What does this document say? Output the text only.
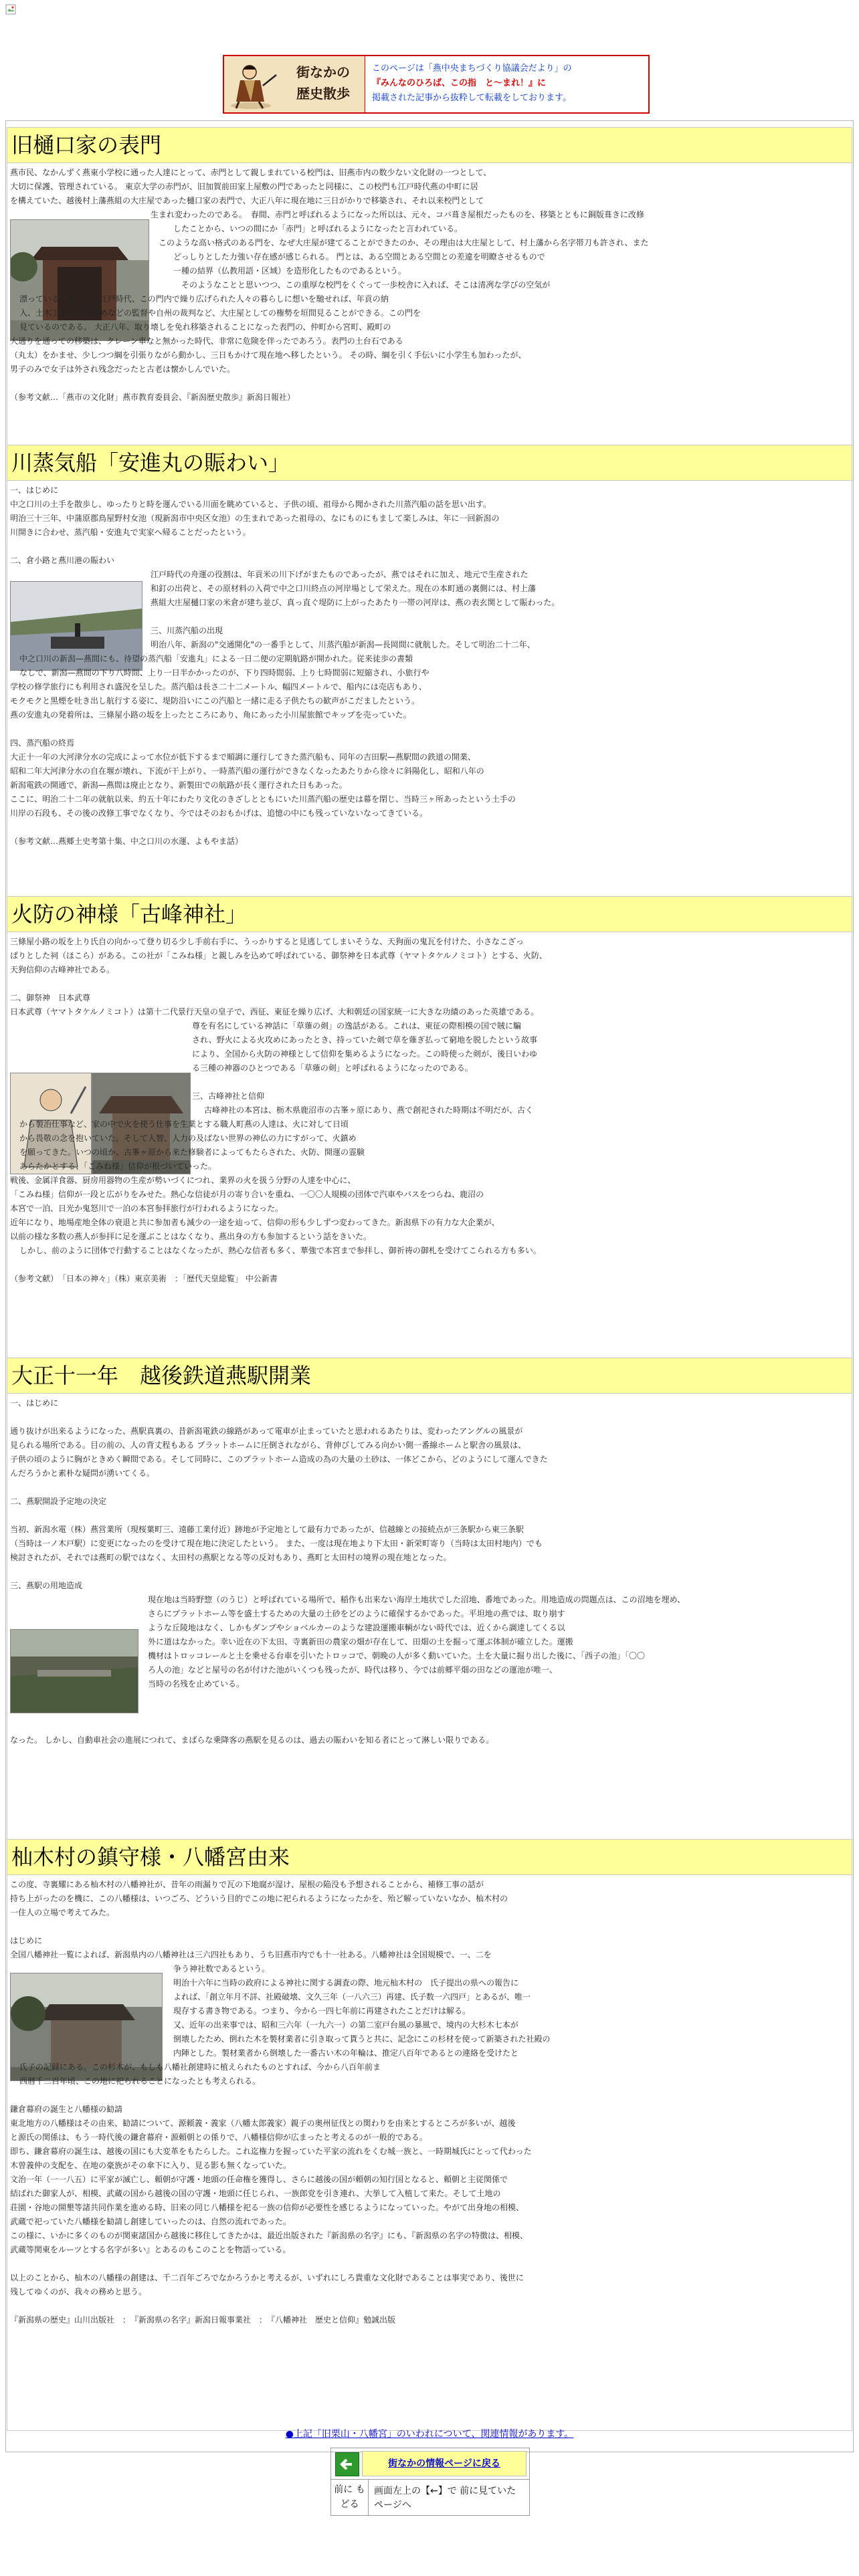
街なかの
歴史散歩
このページは「燕中央まちづくり協議会だより」の
『みんなのひろば、この指　と～まれ！』に
掲載された記事から抜粋して転載をしております。
旧樋口家の表門

燕市民、なかんずく燕東小学校に通った人達にとって、赤門として親しまれている校門は、旧燕市内の数少ない文化財の一つとして、

大切に保護、管理されている。 東京大学の赤門が、旧加賀前田家上屋敷の門であったと同様に、この校門も江戸時代燕の中町に居

を構えていた、越後村上藩燕組の大庄屋であった樋口家の表門で、大正八年に現在地に三日がかりで移築され、それ以来校門として

生まれ変わったのである。　春間、赤門と呼ばれるようになった所以は、元々、コバ葺き屋根だったものを、移築とともに銅版葺きに改修

したことから、いつの間にか「赤門」と呼ばれるようになったと言われている。

　このような高い格式のある門を、なぜ大庄屋が建てることができたのか、その理由は大庄屋として、村上藩から名字帯刀も許され、また

どっしりとした力強い存在感が感じられる。 門とは、ある空間とある空間との差違を明瞭させるもので

一種の結界（仏教用語・区域）を造形化したものであるという。

　そのようなことと思いつつ、この重厚な校門をくぐって一歩校舎に入れば、そこは清冽な学びの空気が

漂っている。翻って、江戸時代、この門内で繰り広げられた人々の暮らしに想いを馳せれば、年貢の納

入、土木工事、宗門改めなどの監督や自州の裁判など、大庄屋としての権勢を垣間見ることができる。この門を

見ているのである。 大正八年、取り壊しを免れ移築されることになった表門の、仲町から宮町、殿町の

大通りを通っての移築は、クレーン車なと無かった時代、非常に危険を伴ったであろう。表門の土台石である

（丸太）をかませ、少しつつ綱を引張りながら動かし、三日もかけて現在地へ移したという。 その時、綱を引く手伝いに小学生も加わったが、

男子のみで女子は外され残念だったと古老は懐かしんでいた。

（参考文献…「燕市の文化財」燕市教育委員会、『新潟歴史散歩』新潟日報社）

川蒸気船「安進丸の賑わい」

一、はじめに

中之口川の土手を散歩し、ゆったりと時を運んでいる川面を眺めていると、子供の頃、祖母から聞かされた川蒸汽船の話を思い出す。

明治三十三年、中蒲原郡鳥屋野村女池（現新潟市中央区女池）の生まれであった祖母の、なにものにもまして楽しみは、年に一回新潟の

川開きに合わせ、蒸汽船・安進丸で実家へ帰ることだったという。

二、倉小路と燕川港の賑わい

江戸時代の舟運の役割は、年貢米の川下げがまたものであったが、燕ではそれに加え、地元で生産された

和釘の出荷と、その原材料の入荷で中之口川終点の河岸場として栄えた。現在の本町通の裏側には、村上藩

燕組大庄屋樋口家の米倉が建ち並び、真っ直ぐ堤防に上がったあたり一帯の河岸は、燕の表玄関として賑わった。

三、川蒸汽船の出現

明治八年、新潟の"交通開化"の一番手として、川蒸汽船が新潟—長岡間に就航した。そして明治二十二年、

中之口川の新潟—燕間にも、待望の蒸汽船「安進丸」による一日二便の定期航路が開かれた。従来徒歩の書類

なしで、新潟—燕間の下り八時間、上り一日半かかったのが、下り四時間弱、上り七時間弱に短縮され、小旅行や

学校の修学旅行にも利用され盛況を呈した。蒸汽船は長さ二十二メートル、幅四メートルで、船内には売店もあり、

モクモクと黒煙を吐き出し航行する姿に、堤防沿いにこの汽船と一緒に走る子供たちの歓声がこだましたという。

燕の安進丸の発着所は、三條屋小路の坂を上ったところにあり、角にあった小川屋旅館でキップを売っていた。

四、蒸汽船の終焉

大正十一年の大河津分水の完成によって水位が低下するまで順調に運行してきた蒸汽船も、同年の吉田駅—燕駅間の鉄道の開業、

昭和二年大河津分水の自在堰が壊れ、下流が干上がり、一時蒸汽船の運行ができなくなったあたりから徐々に斜陽化し、昭和八年の

新潟電鉄の開通で、新潟—燕間は廃止となり、新製田での航路が長く運行された日もあった。

ここに、明治二十二年の就航以来、約五十年にわたり文化のきざしとともにいた川蒸汽船の歴史は幕を閉じ、当時三ヶ所あったという土手の

川岸の石段も、その後の改修工事でなくなり、今ではそのおもかげは、追憶の中にも残っていないなってきている。

（参考文献…燕郷土史考第十集、中之口川の水運、よもやま話）

火防の神様「古峰神社」

三條屋小路の坂を上り氏自の向かって登り切る少し手前右手に、うっかりすると見逃してしまいそうな、天狗面の鬼瓦を付けた、小さなこざっ

ぱりとした祠（ほこら）がある。この社が「こみね様」と親しみを込めて呼ばれている、御祭神を日本武尊（ヤマトタケルノミコト）とする、火防、

天狗信仰の古峰神社である。

二、御祭神　日本武尊

日本武尊（ヤマトタケルノミコト）は第十二代景行天皇の皇子で、西征、東征を繰り広げ、大和朝廷の国家統一に大きな功績のあった英雄である。

尊を有名にしている神話に「草薙の剣」の逸話がある。これは、東征の際相模の国で賊に騙

され、野火による火攻めにあったとき、持っていた剣で草を薙ぎ払って窮地を脱したという故事

により、全国から火防の神様として信仰を集めるようになった。この時使った剣が、後日いわゆ

る三種の神器のひとつである「草薙の剣」と呼ばれるようになったのである。

三、古峰神社と信仰

古峰神社の本宮は、栃木県鹿沼市の古峯ヶ原にあり、燕で創祀された時期は不明だが、古く

から製治仕事など、家の中で火を使う仕事を生業とする職人町燕の人達は、火に対して日頃

から畏敬の念を抱いていた。そして人智、人力の及ばない世界の神仏の力にすがって、火鎮め

を願ってきた。いつの頃か、古峯ヶ原から来た修験者によってもたらされた、火防、開運の霊験

あらたかとする、「こみね様」信仰が根づいていった。

戦後、金属洋食器、厨房用器物の生産が勢いづくにつれ、業界の火を扱う分野の人達を中心に、

「こみね様」信仰が一段と広がりをみせた。熱心な信徒が月の寄り合いを重ね、一〇〇人規模の団体で汽車やバスをつらね、鹿沼の

本宮で一泊、日光か鬼怒川で一泊の本宮参拝旅行が行われるようになった。

近年になり、地場産地全体の衰退と共に参加者も減少の一途を辿って、信仰の形も少しずつ変わってきた。新潟県下の有力な大企業が、

以前の様な多数の燕人が参拝に足を運ぶことはなくなり、燕出身の方も参加するという話をきいた。

しかし、前のように団体で行動することはなくなったが、熱心な信者も多く、華強で本宮まで参拝し、御祈祷の御札を受けてこられる方も多い。

（参考文献）　「日本の神々」（株）東京美術　：「歴代天皇総覧」 中公新書

大正十一年　越後鉄道燕駅開業

一、はじめに

通り抜けが出来るようになった、燕駅真裏の、昔新潟電鉄の線路があって電車が止まっていたと思われるあたりは、変わったアングルの風景が

見られる場所である。目の前の、人の背丈程もある プラットホームに圧倒されながら、背伸びしてみる向かい側一番線ホームと駅舎の風景は、

子供の頃のように胸がときめく瞬間である。そして同時に、このプラットホーム造成の為の大量の土砂は、一体どこから、どのようにして運んできた

んだろうかと素朴な疑問が湧いてくる。

二、燕駅開設予定地の決定

当初、新潟水電（株）燕営業所（現桜葉町三、遠藤工業付近）跡地が予定地として最有力であったが、信越線との接続点が三条駅から東三条駅

（当時は一ノ木戸駅）に変更になったのを受けて現在地に決定したという。 また、一度は現在地より下太田・新栄町寄り（当時は太田村地内）でも

検討されたが、それでは燕町の駅ではなく、太田村の燕駅となる等の反対もあり、燕町と太田村の境界の現在地となった。

三、燕駅の用地造成

現在地は当時野惣（のうじ）と呼ばれている場所で、稲作も出来ない海岸土地状でした沼地、番地であった。用地造成の問題点は、この沼地を埋め、

さらにプラットホーム等を盛土するための大量の土砂をどのように確保するかであった。平坦地の燕では、取り崩す

ような丘陵地はなく、しかもダンプやショベルカーのような建設運搬車輌がない時代では、近くから調達してくる以

外に道はなかった。幸い近在の下太田、寺裏新田の農家の畑が存在して、田畑の土を掘って運ぶ体制が確立した。運搬

機材はトロッコレールと土を乗せる台車を引いたトロッコで、朝晩の人が多く動いていた。土を大量に掘り出した後に、「西子の池」「〇〇

ろ人の池」などと屋号の名が付けた池がいくつも残ったが、時代は移り、今では前郷平畑の田などの運池が唯一、

当時の名残を止めている。

なった。 しかし、自動車社会の進展につれて、まばらな乗降客の燕駅を見るのは、過去の賑わいを知る者にとって淋しい限りである。

杣木村の鎮守様・八幡宮由来

この度、寺裏耀にある杣木村の八幡神社が、昔年の雨漏りで瓦の下地腐が湿け、屋根の陥没も予想されることから、補修工事の話が

持ち上がったのを機に、この八幡様は、いつごろ、どういう目的でこの地に祀られるようになったかを、殆ど解っていないなか、杣木村の

一住人の立場で考えてみた。

はじめに

全国八幡神社一覧によれば、新潟県内の八幡神社は三六四社もあり、うち旧燕市内でも十一社ある。八幡神社は全国規模で、一、二を

争う神社数であるという。

明治十六年に当時の政府による神社に関する調査の際、地元杣木村の　氏子提出の県への報告に

よれば、「創立年月不詳、社殿破壊、文久三年（一八六三）再建、氏子数一六四戸」とあるが、唯一

現存する書き物である。つまり、今から一四七年前に再建されたことだけは解る。

又、近年の出来事では、昭和三六年（一九六一）の第二室戸台風の暴風で、境内の大杉木七本が

倒壊したため、倒れた木を製材業者に引き取って貰うと共に、記念にこの杉材を使って新築された社殿の

内陣とした。製材業者から倒壊した一番古い木の年輪は、推定八百年であるとの連絡を受けたと

氏子の記録にある。この杉木が、もしも八幡社創建時に植えられたものとすれば、今から八百年前ま

西暦千二百年頃、この地に祀られることになったとも考えられる。

鎌倉幕府の誕生と八幡様の勧請

東北地方の八幡様はその由来、勧請について、源頼義・義家（八幡太郎義家）親子の奥州征伐との関わりを由来とするところが多いが、越後

と源氏の関係は、もう一時代後の鎌倉幕府・源頼朝との係りで、八幡様信仰が広まったと考えるのが一般的である。

即ち、鎌倉幕府の誕生は、越後の国にも大変革をもたらした。これ迄権力を握っていた平家の流れをくむ城一族と、一時期城氏にとって代わった

木曽義仲の支配を、在地の豪族がその傘下に入り、見る影も無くなっていた。

文治一年（一一八五）に平家が滅亡し、頼朝が守護・地頭の任命権を獲得し、さらに越後の国が頼朝の知行国となると、頼朝と主従関係で

結ばれた御家人が、相模、武蔵の国から越後の国の守護・地頭に任じられ、一族郎党を引き連れ、大挙して入植して来た。そして土地の

荘園・谷地の開墾等諸共同作業を進める時、旧来の同じ八幡様を祀る一族の信仰が必要性を感じるようになっていった。やがて出身地の相模、

武蔵で祀っていた八幡様を勧請し創建していったのは、自然の流れであった。

この様に、いかに多くのものが関東諸国から越後に移住してきたかは、最近出版された『新潟県の名字』にも、『新潟県の名字の特徴は、相模、

武蔵等関東をルーツとする名字が多い』とあるのもこのことを物語っている。

以上のことから、杣木の八幡様の創建は、千二百年ごろでなかろうかと考えるが、いずれにしろ貴重な文化財であることは事実であり、後世に

残してゆくのが、我々の務めと思う。

『新潟県の歴史』山川出版社　：　『新潟県の名字』新潟日報事業社　：　『八幡神社　歴史と信仰』勉誠出版

●上記「旧栗山・八幡宮」のいわれについて、関連情報があります。
街なかの情報ページに戻る
前に もどる
画面左上の【←】で 前に見ていたページへ
